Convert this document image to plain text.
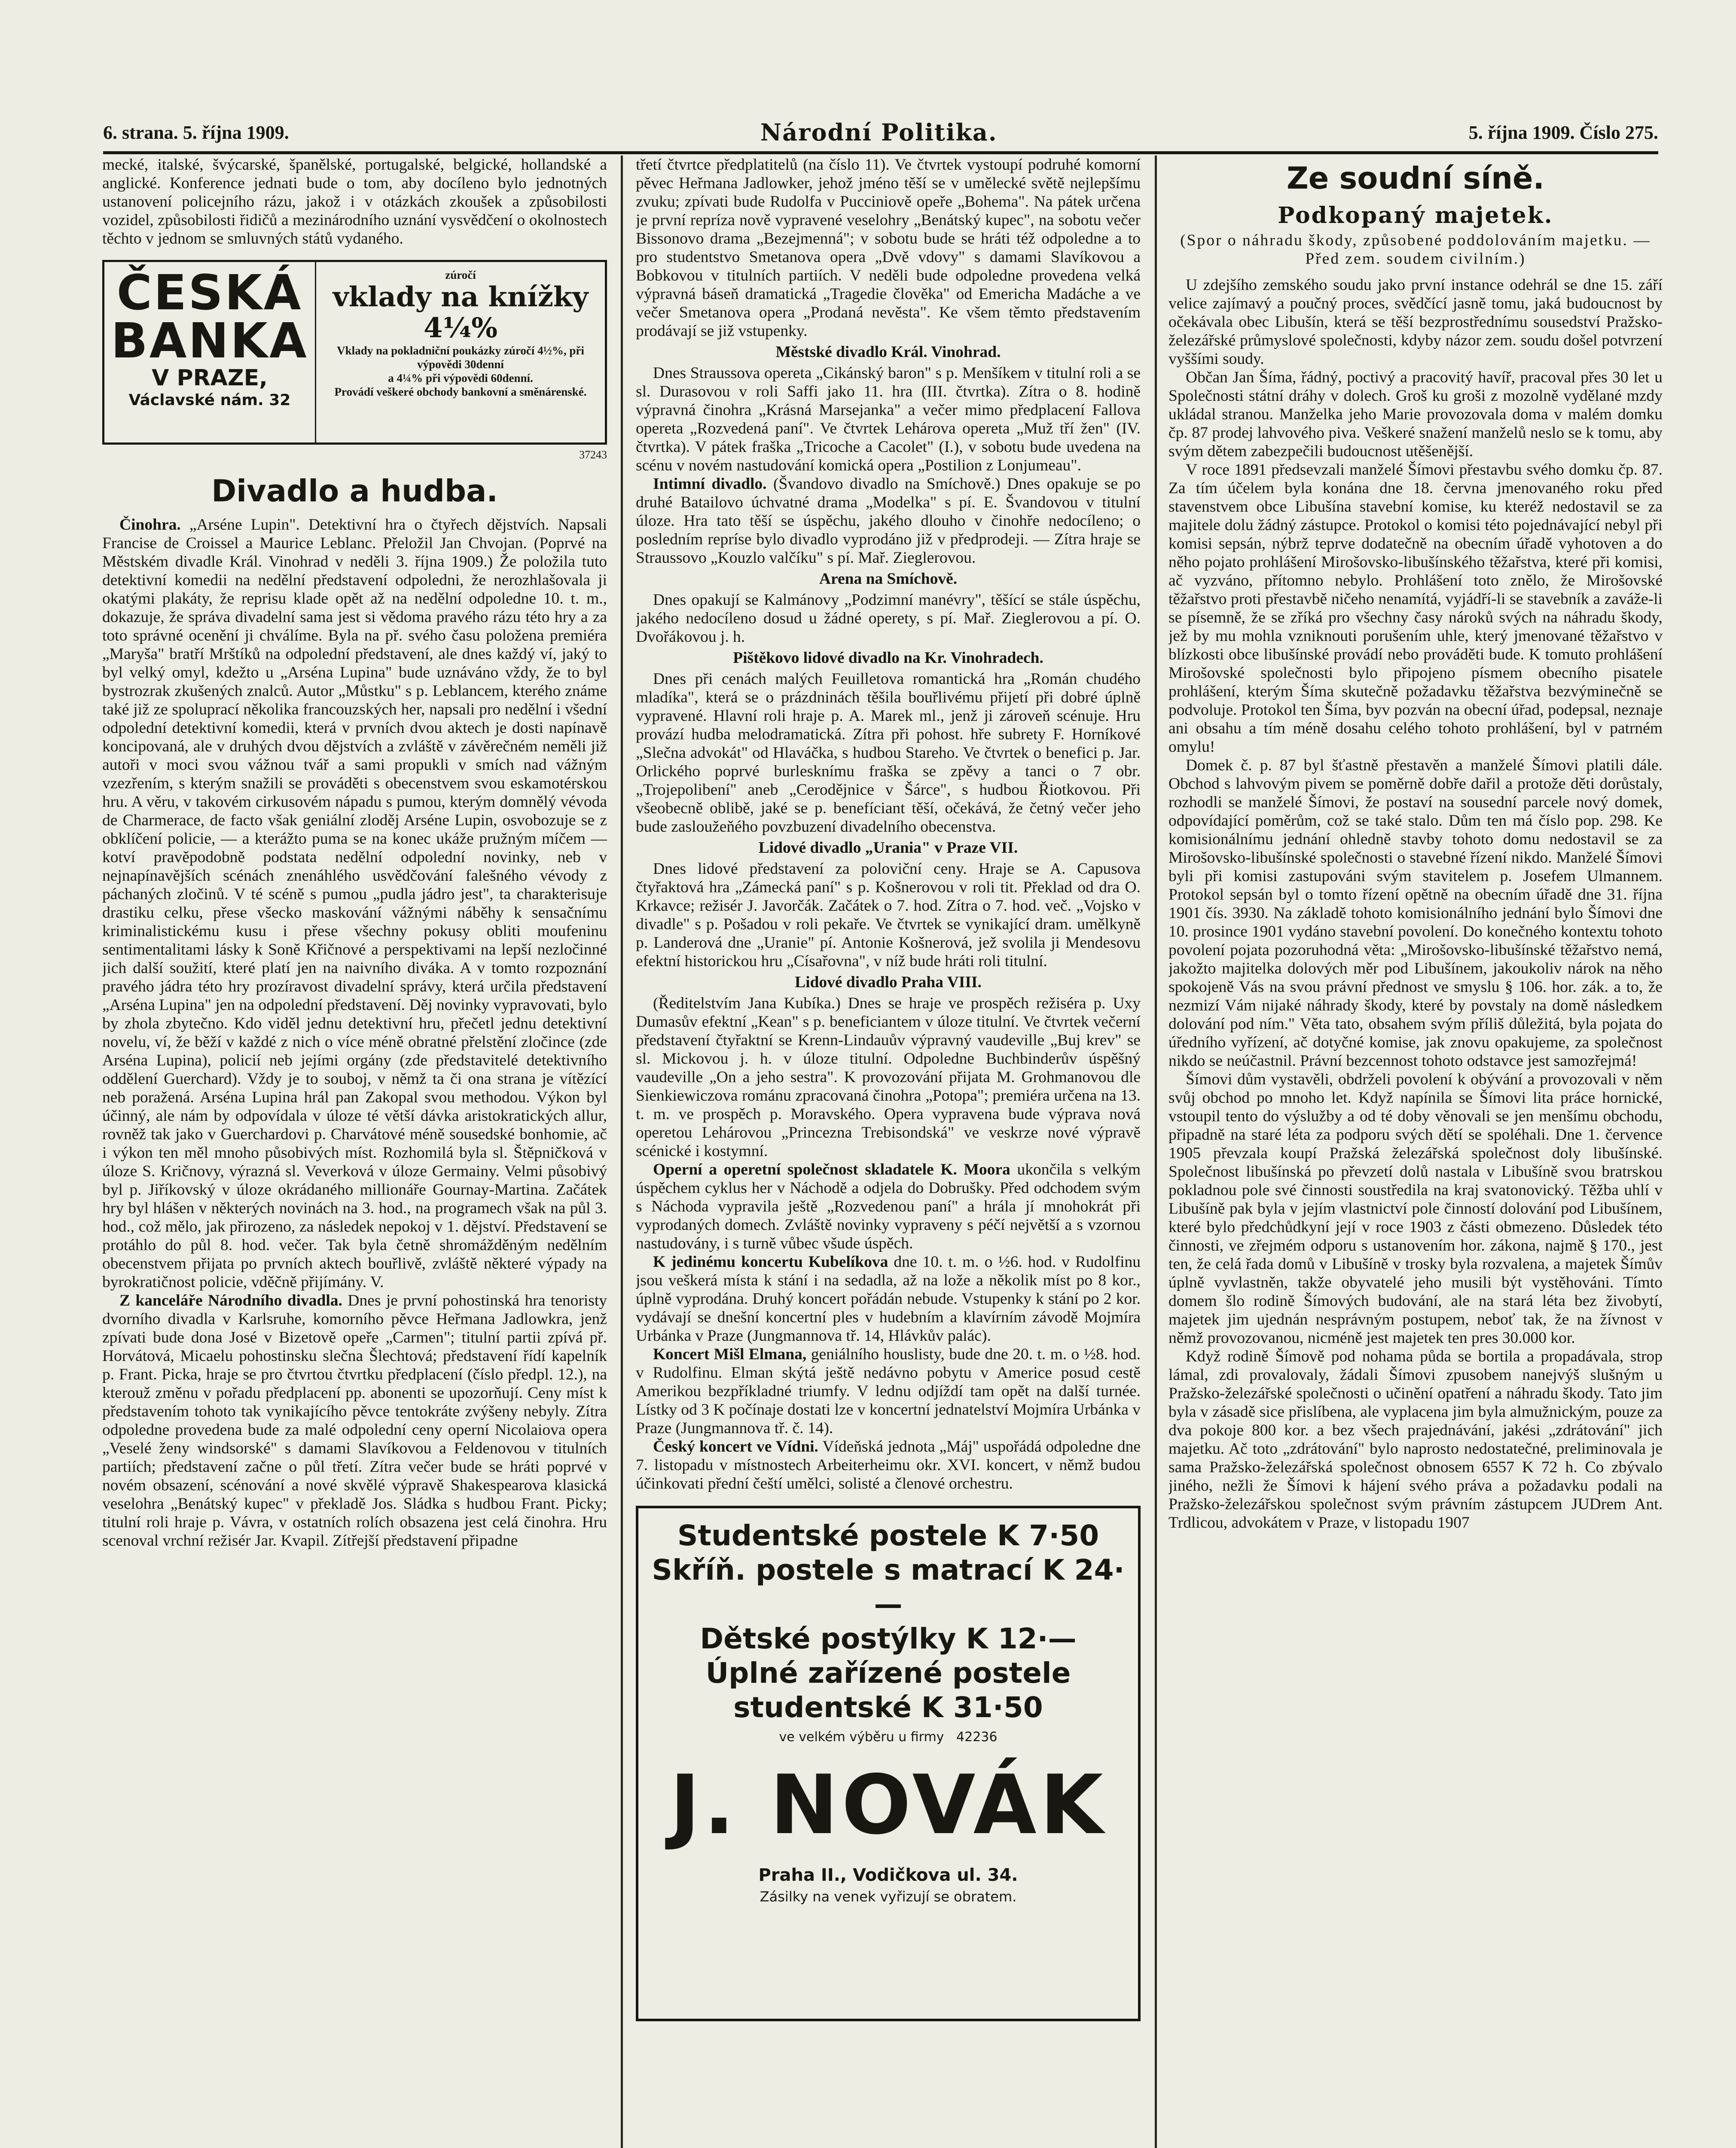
6. strana. 5. října 1909.	Národní Politika.	5. října 1909. Číslo 275.

mecké, italské, švýcarské, španělské, portugalské, belgické, hollandské a anglické. Konference jednati bude o tom, aby docíleno bylo jednotných ustanovení policejního rázu, jakož i v otázkách zkoušek a způsobilosti vozidel, způsobilosti řidičů a mezinárodního uznání vysvědčení o okolnostech těchto v jednom se smluvných států vydaného.

ČESKÁ BANKA
V PRAZE,
Václavské nám. 32
zúročí
vklady na knížky 4¼%
Vklady na pokladniční poukázky zúročí 4½%, při výpovědi 30denní
a 4¼% při výpovědi 60denní.
Provádí veškeré obchody bankovní a směnárenské.
37243
Divadlo a hudba.

Činohra. „Arséne Lupin". Detektivní hra o čtyřech dějstvích. Napsali Francise de Croissel a Maurice Leblanc. Přeložil Jan Chvojan. (Poprvé na Městském divadle Král. Vinohrad v neděli 3. října 1909.) Že položila tuto detektivní komedii na nedělní představení odpoledni, že nerozhlašovala ji okatými plakáty, že reprisu klade opět až na nedělní odpoledne 10. t. m., dokazuje, že správa divadelní sama jest si vědoma pravého rázu této hry a za toto správné ocenění ji chválíme. Byla na př. svého času položena premiéra „Maryša" bratří Mrštíků na odpolední představení, ale dnes každý ví, jaký to byl velký omyl, kdežto u „Arséna Lupina" bude uznáváno vždy, že to byl bystrozrak zkušených znalců. Autor „Můstku" s p. Leblancem, kterého známe také již ze spoluprací několika francouzských her, napsali pro nedělní i všední odpolední detektivní komedii, která v prvních dvou aktech je dosti napínavě koncipovaná, ale v druhých dvou dějstvích a zvláště v závěrečném neměli již autoři v moci svou vážnou tvář a sami propukli v smích nad vážným vzezřením, s kterým snažili se prováděti s obecenstvem svou eskamotérskou hru. A věru, v takovém cirkusovém nápadu s pumou, kterým domnělý vévoda de Charmerace, de facto však geniální zloděj Arséne Lupin, osvobozuje se z obklíčení policie, — a kterážto puma se na konec ukáže pružným míčem — kotví pravěpodobně podstata nedělní odpolední novinky, neb v nejnapínavějších scénách znenáhlého usvědčování falešného vévody z páchaných zločinů. V té scéně s pumou „pudla jádro jest", ta charakterisuje drastiku celku, přese všecko maskování vážnými náběhy k sensačnímu kriminalistickému kusu i přese všechny pokusy obliti moufeninu sentimentalitami lásky k Soně Křičnové a perspektivami na lepší nezločinné jich další soužití, které platí jen na naivního diváka. A v tomto rozpoznání pravého jádra této hry prozíravost divadelní správy, která určila představení „Arséna Lupina" jen na odpolední představení. Děj novinky vypravovati, bylo by zhola zbytečno. Kdo viděl jednu detektivní hru, přečetl jednu detektivní novelu, ví, že běží v každé z nich o více méně obratné přelstění zločince (zde Arséna Lupina), policií neb jejími orgány (zde představitelé detektivního oddělení Guerchard). Vždy je to souboj, v němž ta či ona strana je vítězící neb poražená. Arséna Lupina hrál pan Zakopal svou methodou. Výkon byl účinný, ale nám by odpovídala v úloze té větší dávka aristokratických allur, rovněž tak jako v Guerchardovi p. Charvátové méně sousedské bonhomie, ač i výkon ten měl mnoho působivých míst. Rozhomilá byla sl. Štěpničková v úloze S. Kričnovy, výrazná sl. Veverková v úloze Germainy. Velmi působivý byl p. Jiříkovský v úloze okrádaného millionáře Gournay-Martina. Začátek hry byl hlášen v některých novinách na 3. hod., na programech však na půl 3. hod., což mělo, jak přirozeno, za následek nepokoj v 1. dějství. Představení se protáhlo do půl 8. hod. večer. Tak byla četně shromážděným nedělním obecenstvem přijata po prvních aktech bouřlivě, zvláště některé výpady na byrokratičnost policie, vděčně přijímány. V.

Z kanceláře Národního divadla. Dnes je první pohostinská hra tenoristy dvorního divadla v Karlsruhe, komorního pěvce Heřmana Jadlowkra, jenž zpívati bude dona José v Bizetově opeře „Carmen"; titulní partii zpívá př. Horvátová, Micaelu pohostinsku slečna Šlechtová; představení řídí kapelník p. Frant. Picka, hraje se pro čtvrtou čtvrtku předplacení (číslo předpl. 12.), na kterouž změnu v pořadu předplacení pp. abonenti se upozorňují. Ceny míst k představením tohoto tak vynikajícího pěvce tentokráte zvýšeny nebyly. Zítra odpoledne provedena bude za malé odpolední ceny operní Nicolaiova opera „Veselé ženy windsorské" s damami Slavíkovou a Feldenovou v titulních partiích; představení začne o půl třetí. Zítra večer bude se hráti poprvé v novém obsazení, scénování a nové skvělé výpravě Shakespearova klasická veselohra „Benátský kupec" v překladě Jos. Sládka s hudbou Frant. Picky; titulní roli hraje p. Vávra, v ostatních rolích obsazena jest celá činohra. Hru scenoval vrchní režisér Jar. Kvapil. Zítřejší představení připadne

třetí čtvrtce předplatitelů (na číslo 11). Ve čtvrtek vystoupí podruhé komorní pěvec Heřmana Jadlowker, jehož jméno těší se v umělecké světě nejlepšímu zvuku; zpívati bude Rudolfa v Pucciniově opeře „Bohema". Na pátek určena je první repríza nově vypravené veselohry „Benátský kupec", na sobotu večer Bissonovo drama „Bezejmenná"; v sobotu bude se hráti též odpoledne a to pro studentstvo Smetanova opera „Dvě vdovy" s damami Slavíkovou a Bobkovou v titulních partiích. V neděli bude odpoledne provedena velká výpravná báseň dramatická „Tragedie člověka" od Emericha Madáche a ve večer Smetanova opera „Prodaná nevěsta". Ke všem těmto představením prodávají se již vstupenky.

Městské divadlo Král. Vinohrad.

Dnes Straussova opereta „Cikánský baron" s p. Menšíkem v titulní roli a se sl. Durasovou v roli Saffi jako 11. hra (III. čtvrtka). Zítra o 8. hodině výpravná činohra „Krásná Marsejanka" a večer mimo předplacení Fallova opereta „Rozvedená paní". Ve čtvrtek Lehárova opereta „Muž tří žen" (IV. čtvrtka). V pátek fraška „Tricoche a Cacolet" (I.), v sobotu bude uvedena na scénu v novém nastudování komická opera „Postilion z Lonjumeau".

Intimní divadlo. (Švandovo divadlo na Smíchově.) Dnes opakuje se po druhé Batailovo úchvatné drama „Modelka" s pí. E. Švandovou v titulní úloze. Hra tato těší se úspěchu, jakého dlouho v činohře nedocíleno; o posledním repríse bylo divadlo vyprodáno již v předprodeji. — Zítra hraje se Straussovo „Kouzlo valčíku" s pí. Mař. Zieglerovou.

Arena na Smíchově.

Dnes opakují se Kalmánovy „Podzimní manévry", těšící se stále úspěchu, jakého nedocíleno dosud u žádné operety, s pí. Mař. Zieglerovou a pí. O. Dvořákovou j. h.

Pištěkovo lidové divadlo na Kr. Vinohradech.

Dnes při cenách malých Feuilletova romantická hra „Román chudého mladíka", která se o prázdninách těšila bouřlivému přijetí při dobré úplně vypravené. Hlavní roli hraje p. A. Marek ml., jenž ji zároveň scénuje. Hru provází hudba melodramatická. Zítra při pohost. hře subrety F. Horníkové „Slečna advokát" od Hlaváčka, s hudbou Stareho. Ve čtvrtek o benefici p. Jar. Orlického poprvé burlesknímu fraška se zpěvy a tanci o 7 obr. „Trojepolibení" aneb „Cerodějnice v Šárce", s hudbou Řiotkovou. Při všeobecně oblibě, jaké se p. benefíciant těší, očekává, že četný večer jeho bude zasloužeňého povzbuzení divadelního obecenstva.

Lidové divadlo „Urania" v Praze VII.

Dnes lidové představení za poloviční ceny. Hraje se A. Capusova čtyřaktová hra „Zámecká paní" s p. Košnerovou v roli tit. Překlad od dra O. Krkavce; režisér J. Javorčák. Začátek o 7. hod. Zítra o 7. hod. več. „Vojsko v divadle" s p. Pošadou v roli pekaře. Ve čtvrtek se vynikající dram. umělkyně p. Landerová dne „Uranie" pí. Antonie Košnerová, jež svolila ji Mendesovu efektní historickou hru „Císařovna", v níž bude hráti roli titulní.

Lidové divadlo Praha VIII.

(Ředitelstvím Jana Kubíka.) Dnes se hraje ve prospěch režiséra p. Uxy Dumasův efektní „Kean" s p. beneficiantem v úloze titulní. Ve čtvrtek večerní představení čtyřaktní se Krenn-Lindauův výpravný vaudeville „Buj krev" se sl. Mickovou j. h. v úloze titulní. Odpoledne Buchbinderův úspěšný vaudeville „On a jeho sestra". K provozování přijata M. Grohmanovou dle Sienkiewiczova románu zpracovaná činohra „Potopa"; premiéra určena na 13. t. m. ve prospěch p. Moravského. Opera vypravena bude výprava nová operetou Lehárovou „Princezna Trebisondská" ve veskrze nové výpravě scénické i kostymní.

Operní a operetní společnost skladatele K. Moora ukončila s velkým úspěchem cyklus her v Náchodě a odjela do Dobrušky. Před odchodem svým s Náchoda vypravila ještě „Rozvedenou paní" a hrála jí mnohokrát při vyprodaných domech. Zvláště novinky vypraveny s péčí největší a s vzornou nastudovány, i s turně vůbec všude úspěch.

K jedinému koncertu Kubelíkova dne 10. t. m. o ½6. hod. v Rudolfinu jsou veškerá místa k stání i na sedadla, až na lože a několik míst po 8 kor., úplně vyprodána. Druhý koncert pořádán nebude. Vstupenky k stání po 2 kor. vydávají se dnešní koncertní ples v hudebním a klavírním závodě Mojmíra Urbánka v Praze (Jungmannova tř. 14, Hlávkův palác).

Koncert Mišl Elmana, geniálního houslisty, bude dne 20. t. m. o ½8. hod. v Rudolfinu. Elman skýtá ještě nedávno pobytu v Americe posud cestě Amerikou bezpříkladné triumfy. V lednu odjíždí tam opět na další turnée. Lístky od 3 K počínaje dostati lze v koncertní jednatelství Mojmíra Urbánka v Praze (Jungmannova tř. č. 14).

Český koncert ve Vídni. Vídeňská jednota „Máj" uspořádá odpoledne dne 7. listopadu v místnostech Arbeiterheimu okr. XVI. koncert, v němž budou účinkovati přední čeští umělci, solisté a členové orchestru.

Studentské postele K 7·50
Skříň. postele s matrací K 24·—
Dětské postýlky K 12·—
Úplné zařízené postele studentské K 31·50
ve velkém výběru u firmy 42236
J. NOVÁK
Praha II., Vodičkova ul. 34.
Zásilky na venek vyřizují se obratem.
Ze soudní síně.
Podkopaný majetek.
(Spor o náhradu škody, způsobené poddolováním majetku. — Před zem. soudem civilním.)

U zdejšího zemského soudu jako první instance odehrál se dne 15. září velice zajímavý a poučný proces, svědčící jasně tomu, jaká budoucnost by očekávala obec Libušín, která se těší bezprostřednímu sousedství Pražsko-železářské průmyslové společnosti, kdyby názor zem. soudu došel potvrzení vyššími soudy.

Občan Jan Šíma, řádný, poctivý a pracovitý havíř, pracoval přes 30 let u Společnosti státní dráhy v dolech. Groš ku groši z mozolně vydělané mzdy ukládal stranou. Manželka jeho Marie provozovala doma v malém domku čp. 87 prodej lahvového piva. Veškeré snažení manželů neslo se k tomu, aby svým dětem zabezpečili budoucnost utěšenější.

V roce 1891 předsevzali manželé Šímovi přestavbu svého domku čp. 87. Za tím účelem byla konána dne 18. června jmenovaného roku před stavenstvem obce Libušína stavební komise, ku kteréž nedostavil se za majitele dolu žádný zástupce. Protokol o komisi této pojednávající nebyl při komisi sepsán, nýbrž teprve dodatečně na obecním úřadě vyhotoven a do něho pojato prohlášení Mirošovsko-libušínského těžařstva, které při komisi, ač vyzváno, přítomno nebylo. Prohlášení toto znělo, že Mirošovské těžařstvo proti přestavbě ničeho nenamítá, vyjádří-li se stavebník a zaváže-li se písemně, že se zříká pro všechny časy nároků svých na náhradu škody, jež by mu mohla vzniknouti porušením uhle, který jmenované těžařstvo v blízkosti obce libušínské provádí nebo prováděti bude. K tomuto prohlášení Mirošovské společnosti bylo připojeno písmem obecního pisatele prohlášení, kterým Šíma skutečně požadavku těžařstva bezvýminečně se podvoluje. Protokol ten Šíma, byv pozván na obecní úřad, podepsal, neznaje ani obsahu a tím méně dosahu celého tohoto prohlášení, byl v patrném omylu!

Domek č. p. 87 byl šťastně přestavěn a manželé Šímovi platili dále. Obchod s lahvovým pivem se poměrně dobře dařil a protože děti dorůstaly, rozhodli se manželé Šímovi, že postaví na sousední parcele nový domek, odpovídající poměrům, což se také stalo. Dům ten má číslo pop. 298. Ke komisionálnímu jednání ohledně stavby tohoto domu nedostavil se za Mirošovsko-libušínské společnosti o stavebné řízení nikdo. Manželé Šímovi byli při komisi zastupováni svým stavitelem p. Josefem Ulmannem. Protokol sepsán byl o tomto řízení opětně na obecním úřadě dne 31. října 1901 čís. 3930. Na základě tohoto komisionálního jednání bylo Šímovi dne 10. prosince 1901 vydáno stavební povolení. Do konečného kontextu tohoto povolení pojata pozoruhodná věta: „Mirošovsko-libušínské těžařstvo nemá, jakožto majitelka dolových měr pod Libušínem, jakoukoliv nárok na něho spokojeně Vás na svou právní přednost ve smyslu § 106. hor. zák. a to, že nezmizí Vám nijaké náhrady škody, které by povstaly na domě následkem dolování pod ním." Věta tato, obsahem svým příliš důležitá, byla pojata do úředního vyřízení, ač dotyčné komise, jak znovu opakujeme, za společnost nikdo se neúčastnil. Právní bezcennost tohoto odstavce jest samozřejmá!

Šímovi dům vystavěli, obdrželi povolení k obývání a provozovali v něm svůj obchod po mnoho let. Když napínila se Šímovi lita práce hornické, vstoupil tento do výslužby a od té doby věnovali se jen menšímu obchodu, připadně na staré léta za podporu svých dětí se spoléhali. Dne 1. července 1905 převzala koupí Pražská železářská společnost doly libušínské. Společnost libušínská po převzetí dolů nastala v Libušíně svou bratrskou pokladnou pole své činnosti soustředila na kraj svatonovický. Těžba uhlí v Libušíně pak byla v jejím vlastnictví pole činností dolování pod Libušínem, které bylo předchůdkyní její v roce 1903 z části obmezeno. Důsledek této činnosti, ve zřejmém odporu s ustanovením hor. zákona, najmě § 170., jest ten, že celá řada domů v Libušíně v trosky byla rozvalena, a majetek Šímův úplně vyvlastněn, takže obyvatelé jeho musili být vystěhováni. Tímto domem šlo rodině Šímových budování, ale na stará léta bez živobytí, majetek jim ujednán nesprávným postupem, neboť tak, že na žívnost v němž provozovanou, nicméně jest majetek ten pres 30.000 kor.

Když rodině Šímově pod nohama půda se bortila a propadávala, strop lámal, zdi provalovaly, žádali Šímovi zpusobem nanejvýš slušným u Pražsko-železářské společnosti o učinění opatření a náhradu škody. Tato jim byla v zásadě sice přislíbena, ale vyplacena jim byla almužnickým, pouze za dva pokoje 800 kor. a bez všech prajednávání, jakési „zdrátování" jich majetku. Ač toto „zdrátování" bylo naprosto nedostatečné, preliminovala je sama Pražsko-železářská společnost obnosem 6557 K 72 h. Co zbývalo jiného, nežli že Šímovi k hájení svého práva a požadavku podali na Pražsko-železářskou společnost svým právním zástupcem JUDrem Ant. Trdlicou, advokátem v Praze, v listopadu 1907
